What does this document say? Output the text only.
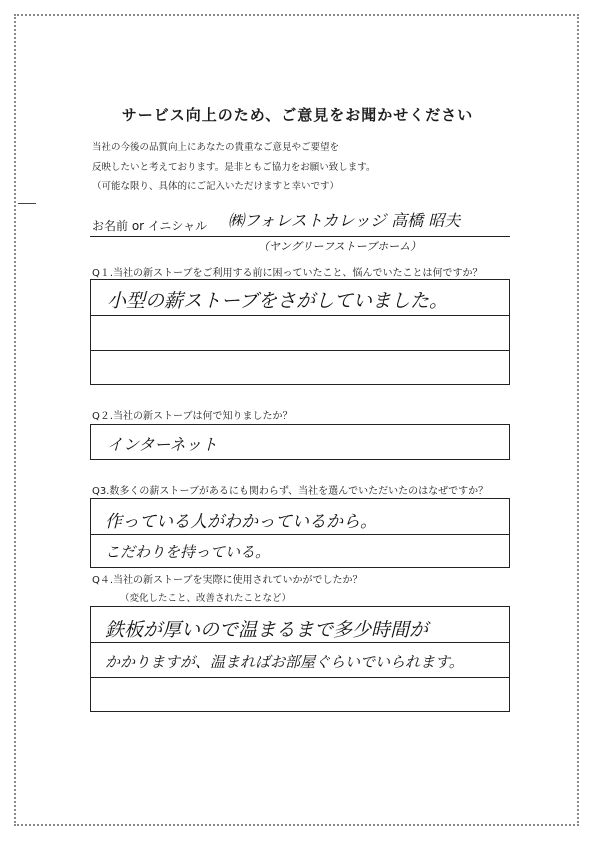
サービス向上のため、ご意見をお聞かせください
当社の今後の品質向上にあなたの貴重なご意見やご要望を
反映したいと考えております。是非ともご協力をお願い致します。
（可能な限り、具体的にご記入いただけますと幸いです）
お名前 or イニシャル ㈱フォレストカレッジ 高橋 昭夫
（ヤングリーフストーブホーム）
Q１.当社の新ストーブをご利用する前に困っていたこと、悩んでいたことは何ですか？
小型の薪ストーブをさがしていました。
Q２.当社の新ストーブは何で知りましたか？
インターネット
Q3.数多くの薪ストーブがあるにも関わらず、当社を選んでいただいたのはなぜですか？
作っている人がわかっているから。
こだわりを持っている。
Q４.当社の新ストーブを実際に使用されていかがでしたか？
（変化したこと、改善されたことなど）
鉄板が厚いので温まるまで多少時間が
かかりますが、温まればお部屋ぐらいでいられます。
